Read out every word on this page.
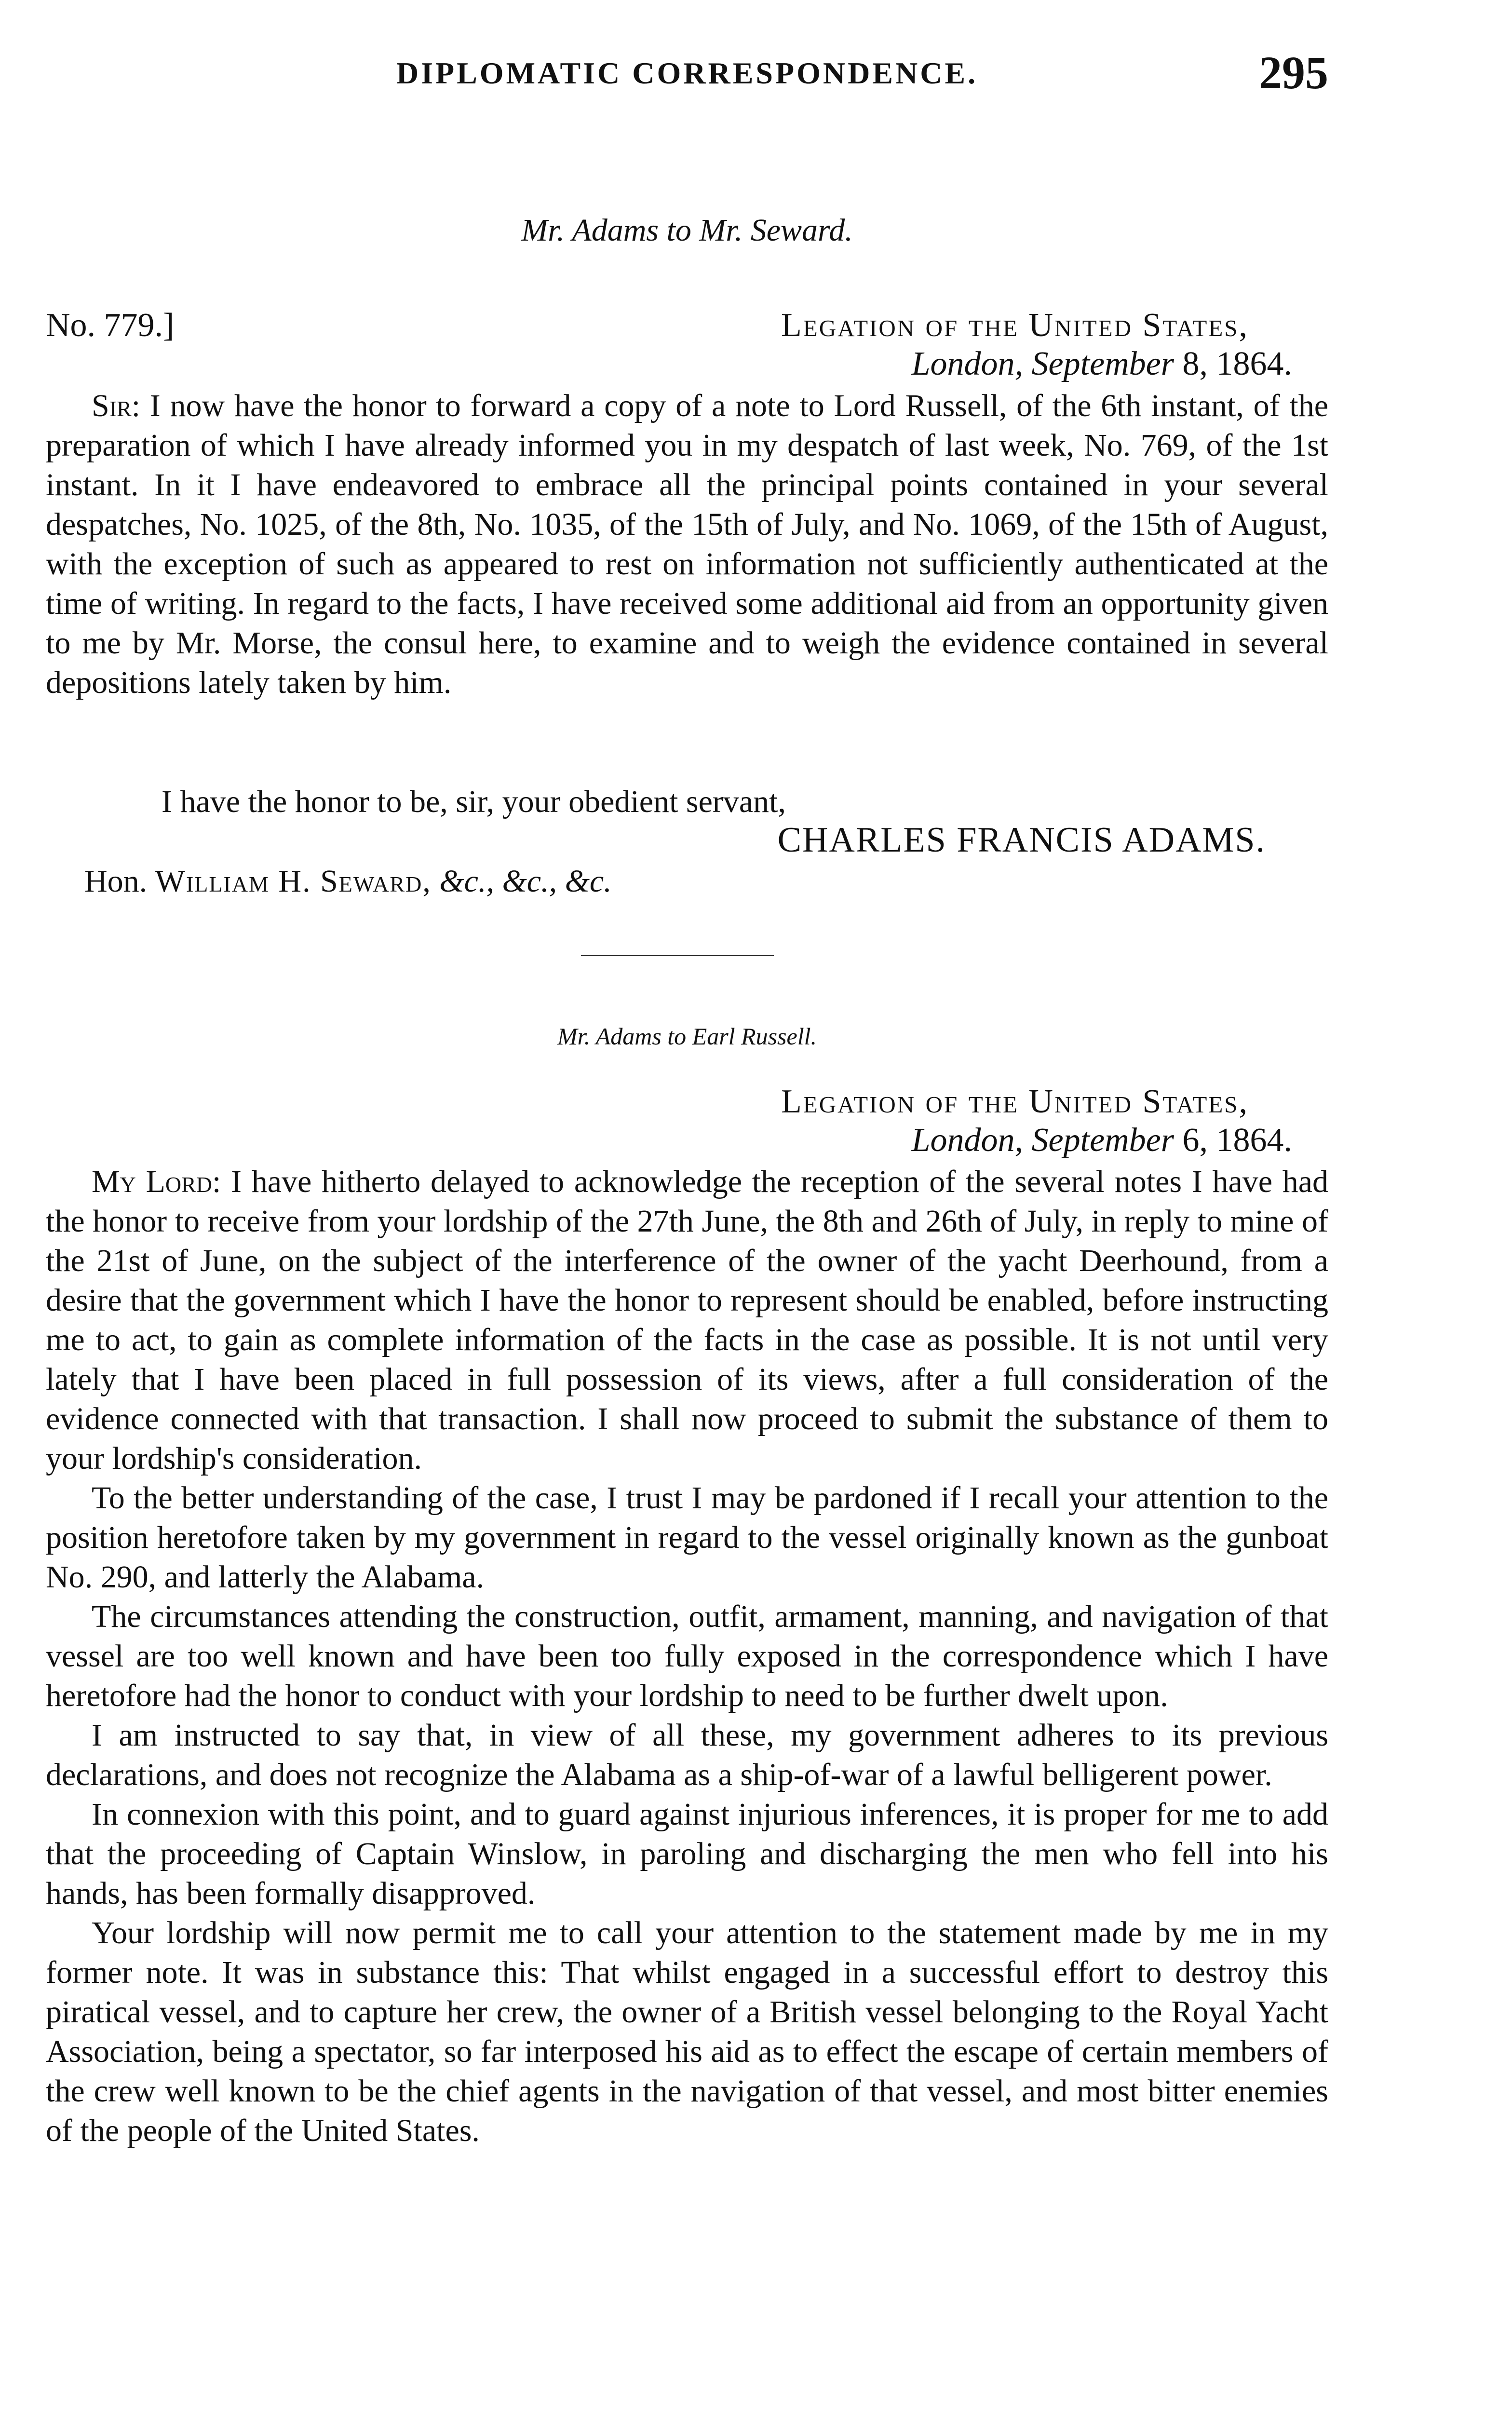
DIPLOMATIC CORRESPONDENCE.	295
Mr. Adams to Mr. Seward.
No. 779.]	Legation of the United States,
London, September 8, 1864.

Sir: I now have the honor to forward a copy of a note to Lord Russell, of the 6th instant, of the preparation of which I have already informed you in my despatch of last week, No. 769, of the 1st instant. In it I have endeavored to embrace all the principal points contained in your several despatches, No. 1025, of the 8th, No. 1035, of the 15th of July, and No. 1069, of the 15th of August, with the exception of such as appeared to rest on information not sufficiently authenticated at the time of writing. In regard to the facts, I have received some additional aid from an opportunity given to me by Mr. Morse, the consul here, to examine and to weigh the evidence contained in several depositions lately taken by him.

I have the honor to be, sir, your obedient servant,
CHARLES FRANCIS ADAMS.
Hon. William H. Seward, &c., &c., &c.
Mr. Adams to Earl Russell.
Legation of the United States,
London, September 6, 1864.

My Lord: I have hitherto delayed to acknowledge the reception of the several notes I have had the honor to receive from your lordship of the 27th June, the 8th and 26th of July, in reply to mine of the 21st of June, on the subject of the interference of the owner of the yacht Deerhound, from a desire that the government which I have the honor to represent should be enabled, before instructing me to act, to gain as complete information of the facts in the case as possible. It is not until very lately that I have been placed in full possession of its views, after a full consideration of the evidence connected with that transaction. I shall now proceed to submit the substance of them to your lordship's consideration.

To the better understanding of the case, I trust I may be pardoned if I recall your attention to the position heretofore taken by my government in regard to the vessel originally known as the gunboat No. 290, and latterly the Alabama.

The circumstances attending the construction, outfit, armament, manning, and navigation of that vessel are too well known and have been too fully exposed in the correspondence which I have heretofore had the honor to conduct with your lordship to need to be further dwelt upon.

I am instructed to say that, in view of all these, my government adheres to its previous declarations, and does not recognize the Alabama as a ship-of-war of a lawful belligerent power.

In connexion with this point, and to guard against injurious inferences, it is proper for me to add that the proceeding of Captain Winslow, in paroling and discharging the men who fell into his hands, has been formally disapproved.

Your lordship will now permit me to call your attention to the statement made by me in my former note. It was in substance this: That whilst engaged in a successful effort to destroy this piratical vessel, and to capture her crew, the owner of a British vessel belonging to the Royal Yacht Association, being a spectator, so far interposed his aid as to effect the escape of certain members of the crew well known to be the chief agents in the navigation of that vessel, and most bitter enemies of the people of the United States.
